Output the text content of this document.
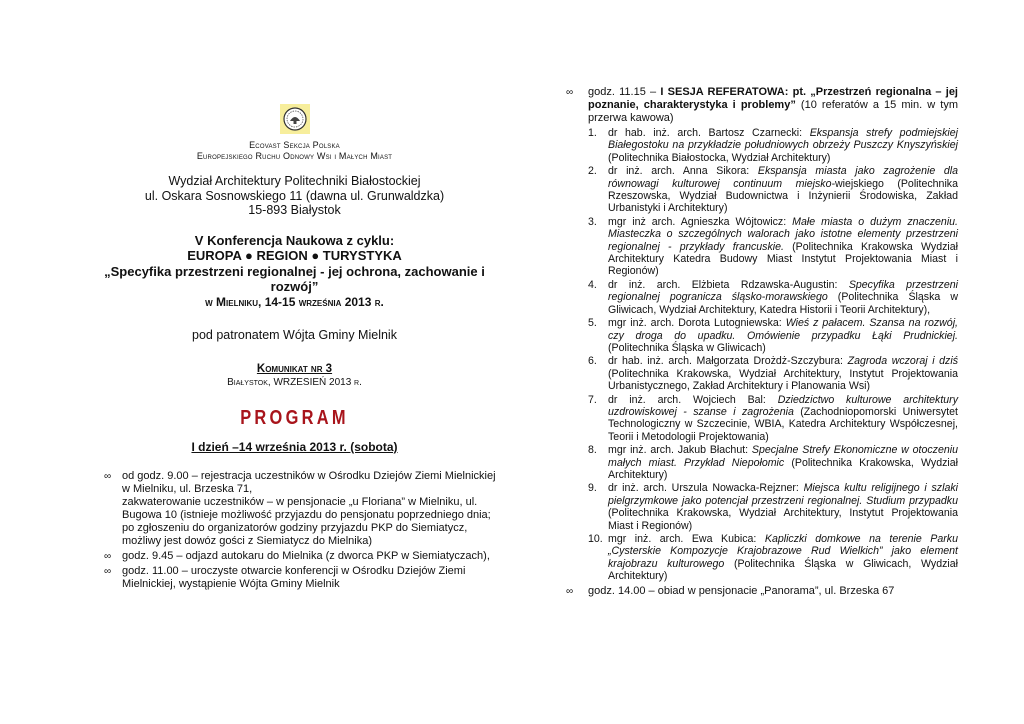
Ecovast Sekcja Polska
Europejskiego Ruchu Odnowy Wsi i Małych Miast
Wydział Architektury Politechniki Białostockiej
ul. Oskara Sosnowskiego 11 (dawna ul. Grunwaldzka)
15-893 Białystok
V Konferencja Naukowa z cyklu:
EUROPA ● REGION ● TURYSTYKA
„Specyfika przestrzeni regionalnej - jej ochrona, zachowanie i rozwój”
w Mielniku, 14-15 września 2013 r.
pod patronatem Wójta Gminy Mielnik
Komunikat nr 3
Białystok, WRZESIEŃ 2013 r.
PROGRAM
I dzień –14 września 2013 r. (sobota)
∞ od godz. 9.00 – rejestracja uczestników w Ośrodku Dziejów Ziemi Mielnickiej w Mielniku, ul. Brzeska 71,
zakwaterowanie uczestników – w pensjonacie „u Floriana” w Mielniku, ul. Bugowa 10 (istnieje możliwość przyjazdu do pensjonatu poprzedniego dnia; po zgłoszeniu do organizatorów godziny przyjazdu PKP do Siemiatycz, możliwy jest dowóz gości z Siemiatycz do Mielnika)
∞ godz. 9.45 – odjazd autokaru do Mielnika (z dworca PKP w Siemiatyczach),
∞ godz. 11.00 – uroczyste otwarcie konferencji w Ośrodku Dziejów Ziemi Mielnickiej, wystąpienie Wójta Gminy Mielnik
∞ godz. 11.15 – I SESJA REFERATOWA: pt. „Przestrzeń regionalna – jej poznanie, charakterystyka i problemy” (10 referatów a 15 min. w tym przerwa kawowa)
1. dr hab. inż. arch. Bartosz Czarnecki: Ekspansja strefy podmiejskiej Białegostoku na przykładzie południowych obrzeży Puszczy Knyszyńskiej (Politechnika Białostocka, Wydział Architektury)
2. dr inż. arch. Anna Sikora: Ekspansja miasta jako zagrożenie dla równowagi kulturowej continuum miejsko-wiejskiego (Politechnika Rzeszowska, Wydział Budownictwa i Inżynierii Środowiska, Zakład Urbanistyki i Architektury)
3. mgr inż arch. Agnieszka Wójtowicz: Małe miasta o dużym znaczeniu. Miasteczka o szczególnych walorach jako istotne elementy przestrzeni regionalnej - przykłady francuskie. (Politechnika Krakowska Wydział Architektury Katedra Budowy Miast Instytut Projektowania Miast i Regionów)
4. dr inż. arch. Elżbieta Rdzawska-Augustin: Specyfika przestrzeni regionalnej pogranicza śląsko-morawskiego (Politechnika Śląska w Gliwicach, Wydział Architektury, Katedra Historii i Teorii Architektury),
5. mgr inż. arch. Dorota Lutogniewska: Wieś z pałacem. Szansa na rozwój, czy droga do upadku. Omówienie przypadku Łąki Prudnickiej. (Politechnika Śląska w Gliwicach)
6. dr hab. inż. arch. Małgorzata Drożdż-Szczybura: Zagroda wczoraj i dziś (Politechnika Krakowska, Wydział Architektury, Instytut Projektowania Urbanistycznego, Zakład Architektury i Planowania Wsi)
7. dr inż. arch. Wojciech Bal: Dziedzictwo kulturowe architektury uzdrowiskowej - szanse i zagrożenia (Zachodniopomorski Uniwersytet Technologiczny w Szczecinie, WBIA, Katedra Architektury Współczesnej, Teorii i Metodologii Projektowania)
8. mgr inż. arch. Jakub Błachut: Specjalne Strefy Ekonomiczne w otoczeniu małych miast. Przykład Niepołomic (Politechnika Krakowska, Wydział Architektury)
9. dr inż. arch. Urszula Nowacka-Rejzner: Miejsca kultu religijnego i szlaki pielgrzymkowe jako potencjał przestrzeni regionalnej. Studium przypadku (Politechnika Krakowska, Wydział Architektury, Instytut Projektowania Miast i Regionów)
10. mgr inż. arch. Ewa Kubica: Kapliczki domkowe na terenie Parku „Cysterskie Kompozycje Krajobrazowe Rud Wielkich” jako element krajobrazu kulturowego (Politechnika Śląska w Gliwicach, Wydział Architektury)
∞ godz. 14.00 – obiad w pensjonacie „Panorama”, ul. Brzeska 67
